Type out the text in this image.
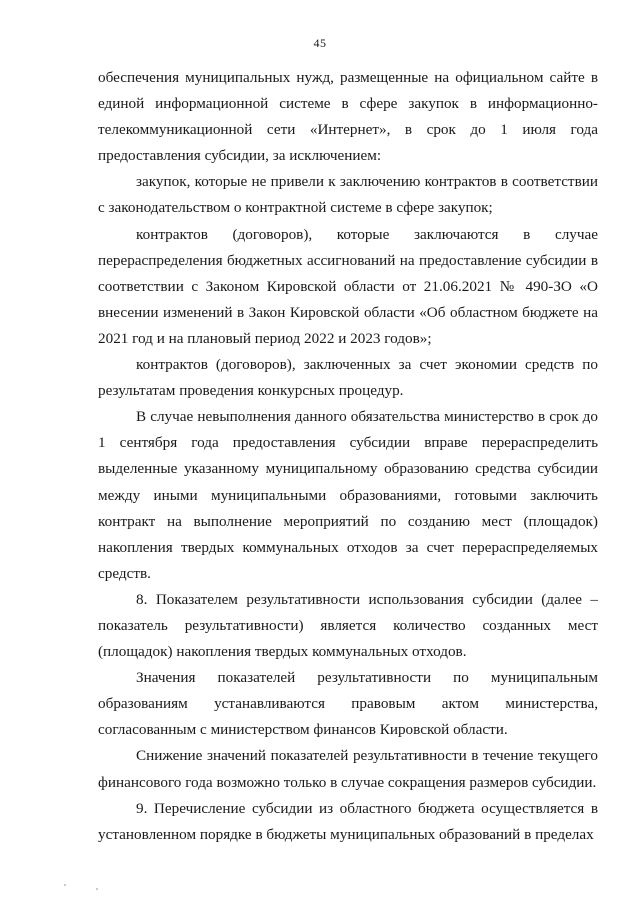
45

обеспечения муниципальных нужд, размещенные на официальном сайте в единой информационной системе в сфере закупок в информационно-телекоммуникационной сети «Интернет», в срок до 1 июля года предоставления субсидии, за исключением:

закупок, которые не привели к заключению контрактов в соответствии с законодательством о контрактной системе в сфере закупок;

контрактов (договоров), которые заключаются в случае перераспределения бюджетных ассигнований на предоставление субсидии в соответствии с Законом Кировской области от 21.06.2021 № 490-ЗО «О внесении изменений в Закон Кировской области «Об областном бюджете на 2021 год и на плановый период 2022 и 2023 годов»;

контрактов (договоров), заключенных за счет экономии средств по результатам проведения конкурсных процедур.

В случае невыполнения данного обязательства министерство в срок до 1 сентября года предоставления субсидии вправе перераспределить выделенные указанному муниципальному образованию средства субсидии между иными муниципальными образованиями, готовыми заключить контракт на выполнение мероприятий по созданию мест (площадок) накопления твердых коммунальных отходов за счет перераспределяемых средств.

8. Показателем результативности использования субсидии (далее – показатель результативности) является количество созданных мест (площадок) накопления твердых коммунальных отходов.

Значения показателей результативности по муниципальным образованиям устанавливаются правовым актом министерства, согласованным с министерством финансов Кировской области.

Снижение значений показателей результативности в течение текущего финансового года возможно только в случае сокращения размеров субсидии.

9. Перечисление субсидии из областного бюджета осуществляется в установленном порядке в бюджеты муниципальных образований в пределах
